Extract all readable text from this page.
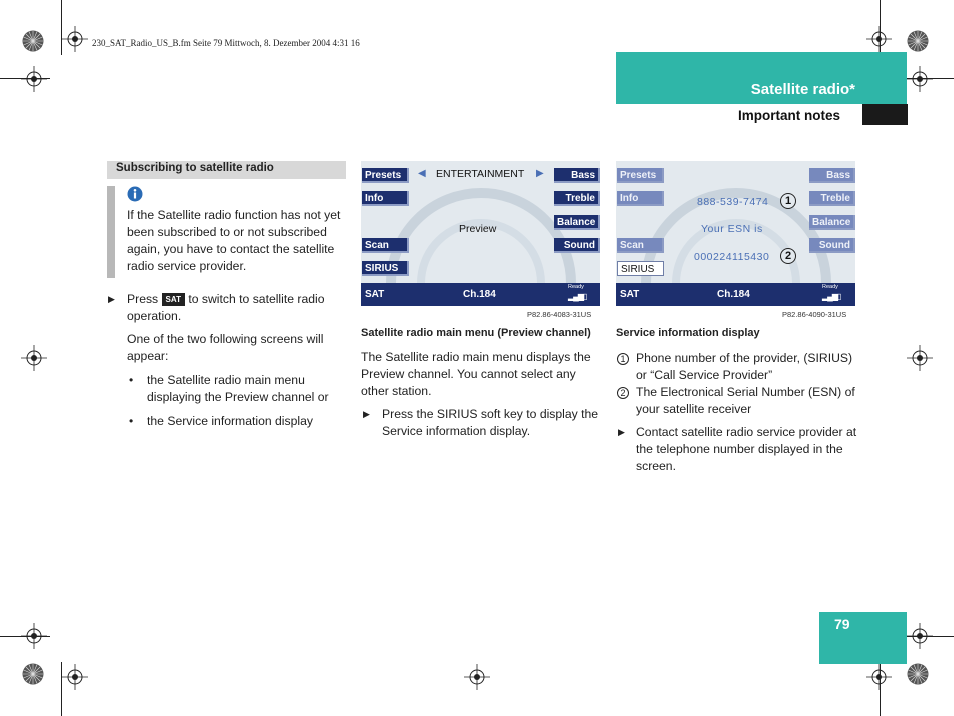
230_SAT_Radio_US_B.fm Seite 79 Mittwoch, 8. Dezember 2004 4:31 16
Satellite radio*
Important notes
Subscribing to satellite radio
If the Satellite radio function has not yet been subscribed to or not subscribed again, you have to contact the satellite radio service provider.
▶ Press SAT to switch to satellite radio operation.
One of the two following screens will appear:
• the Satellite radio main menu displaying the Preview channel or
• the Service information display
Presets
Info
Scan
SIRIUS
Bass
Treble
Balance
Sound
◀ ENTERTAINMENT ▶
Preview
SAT	Ch.184
Ready
▂▄▆▯
P82.86-4083-31US
Satellite radio main menu (Preview channel)
The Satellite radio main menu displays the Preview channel. You cannot select any other station.
▶ Press the SIRIUS soft key to display the Service information display.
Presets
Info
Scan
SIRIUS
Bass
Treble
Balance
Sound
888-539-7474	1
Your ESN is
000224115430	2
SAT	Ch.184
Ready
▂▄▆▯
P82.86-4090-31US
Service information display
1 Phone number of the provider, (SIRIUS) or “Call Service Provider”
2 The Electronical Serial Number (ESN) of your satellite receiver
▶ Contact satellite radio service provider at the telephone number displayed in the screen.
79
